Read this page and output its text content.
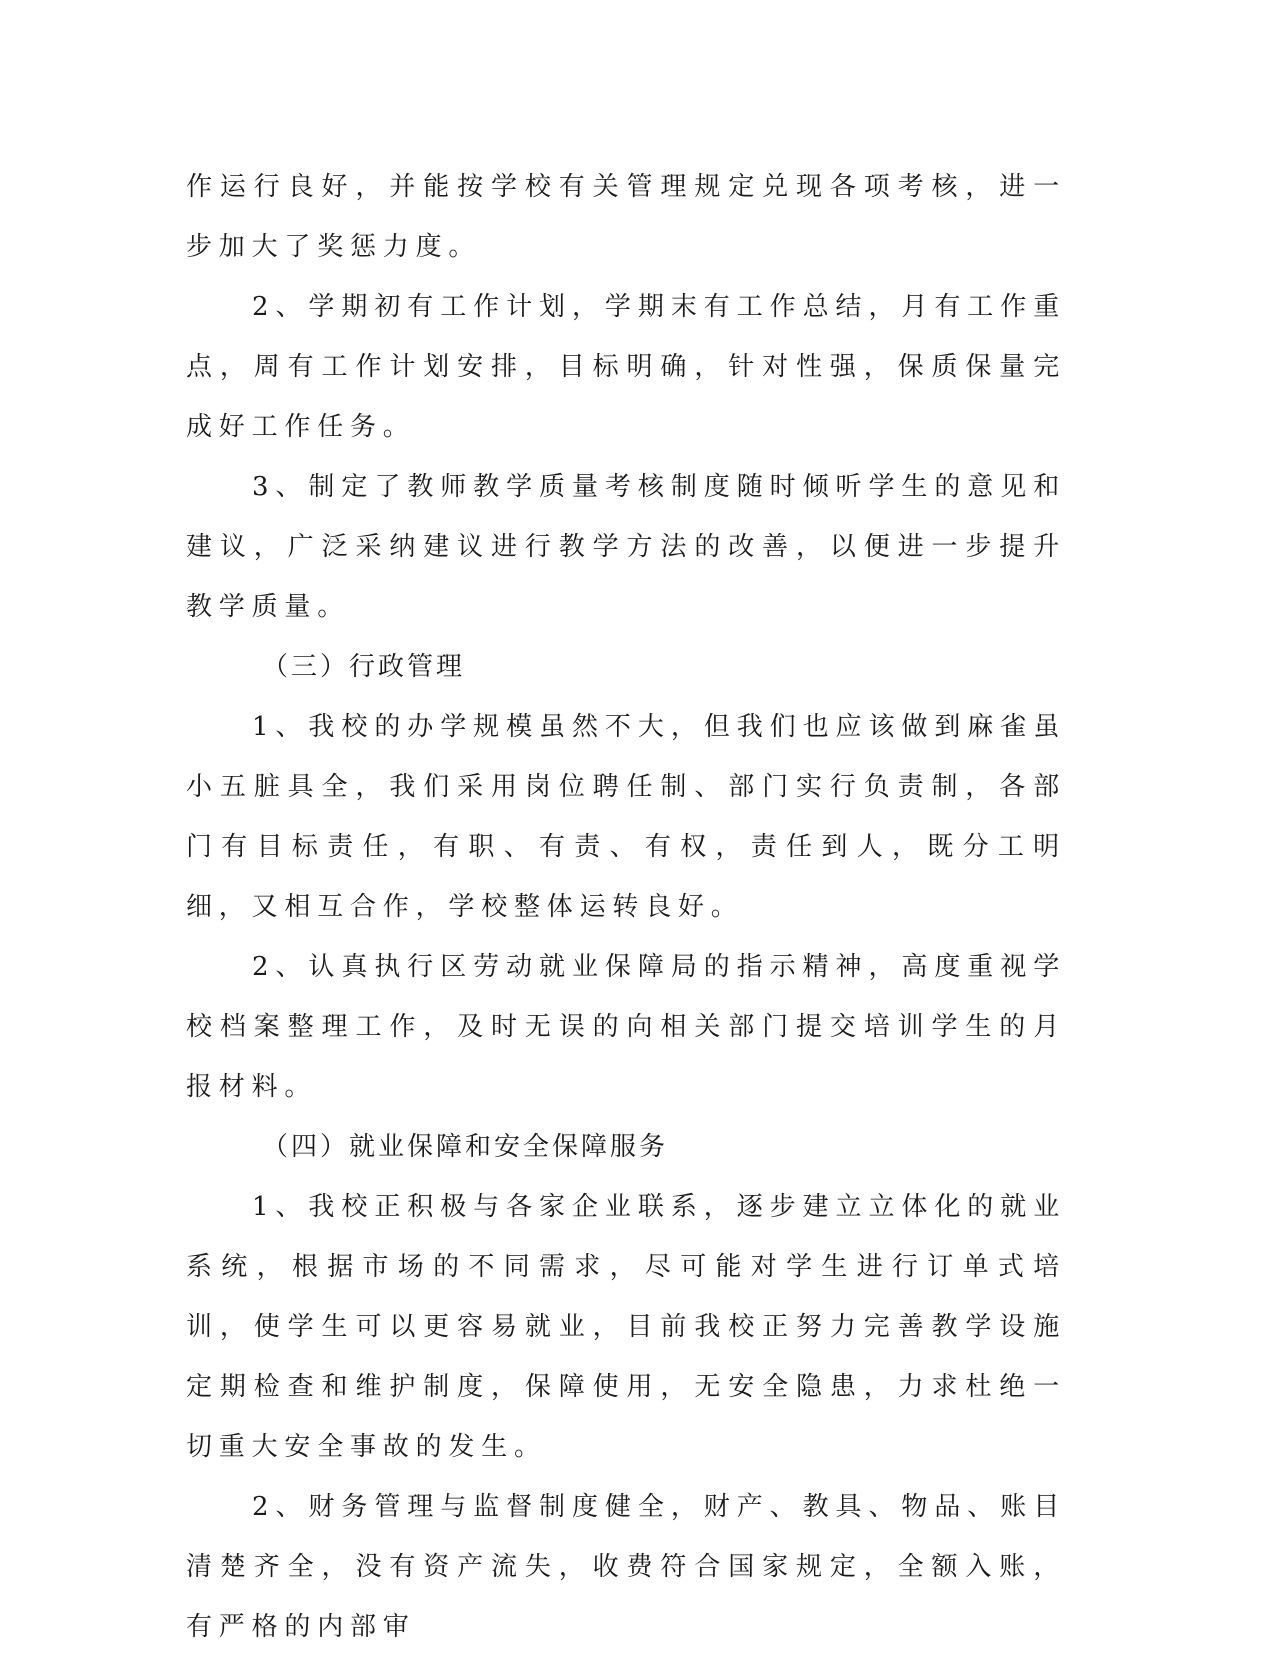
作运行良好，并能按学校有关管理规定兑现各项考核，进一步加大了奖惩力度。

2、学期初有工作计划，学期末有工作总结，月有工作重点，周有工作计划安排，目标明确，针对性强，保质保量完成好工作任务。

3、制定了教师教学质量考核制度随时倾听学生的意见和建议，广泛采纳建议进行教学方法的改善，以便进一步提升教学质量。

（三）行政管理

1、我校的办学规模虽然不大，但我们也应该做到麻雀虽小五脏具全，我们采用岗位聘任制、部门实行负责制，各部门有目标责任，有职、有责、有权，责任到人，既分工明细，又相互合作，学校整体运转良好。

2、认真执行区劳动就业保障局的指示精神，高度重视学校档案整理工作，及时无误的向相关部门提交培训学生的月报材料。

（四）就业保障和安全保障服务

1、我校正积极与各家企业联系，逐步建立立体化的就业系统，根据市场的不同需求，尽可能对学生进行订单式培训，使学生可以更容易就业，目前我校正努力完善教学设施定期检查和维护制度，保障使用，无安全隐患，力求杜绝一切重大安全事故的发生。

2、财务管理与监督制度健全，财产、教具、物品、账目清楚齐全，没有资产流失，收费符合国家规定，全额入账，有严格的内部审
